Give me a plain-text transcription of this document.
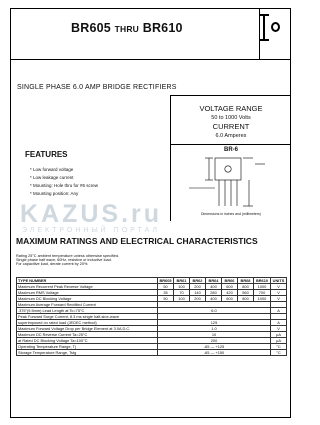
BR605 THRU BR610
SINGLE PHASE 6.0 AMP BRIDGE RECTIFIERS
VOLTAGE RANGE
50 to 1000 Volts
CURRENT
6.0 Amperes
BR-6
Dimensions in inches and (millimeters)
FEATURES
* Low forward voltage
* Low leakage current
* Mounting: Hole thru for #6 screw
* Mounting position: Any
KAZUS.ru
ЭЛЕКТРОННЫЙ ПОРТАЛ
MAXIMUM RATINGS AND ELECTRICAL CHARACTERISTICS
Rating 25°C ambient temperature unless otherwise specified.
Single phase half wave, 60Hz, resistive or inductive load.
For capacitive load, derate current by 20%.
TYPE NUMBER	BR605	BR61	BR62	BR64	BR66	BR68	BR610	UNITS
Maximum Recurrent Peak Reverse Voltage	50	100	200	400	600	800	1000	V
Maximum RMS Voltage	35	70	140	280	420	560	700	V
Maximum DC Blocking Voltage	50	100	200	400	600	800	1000	V
Maximum Average Forward Rectified Current								
.375"(9.5mm) Lead Length at Tc=75°C	6.0							A
Peak Forward Surge Current, 8.3 ms single half-sine-wave								
superimposed on rated load (JEDEC method)	125							A
Maximum Forward Voltage Drop per Bridge Element at 3.0A D.C.	1.0							V
Maximum DC Reverse Current Ta=25°C	10							μA
at Rated DC Blocking Voltage Ta=100°C	200							μA
Operating Temperature Range, Tj	-65 — +125							°C
Storage Temperature Range, Tstg	-65 — +150							°C
